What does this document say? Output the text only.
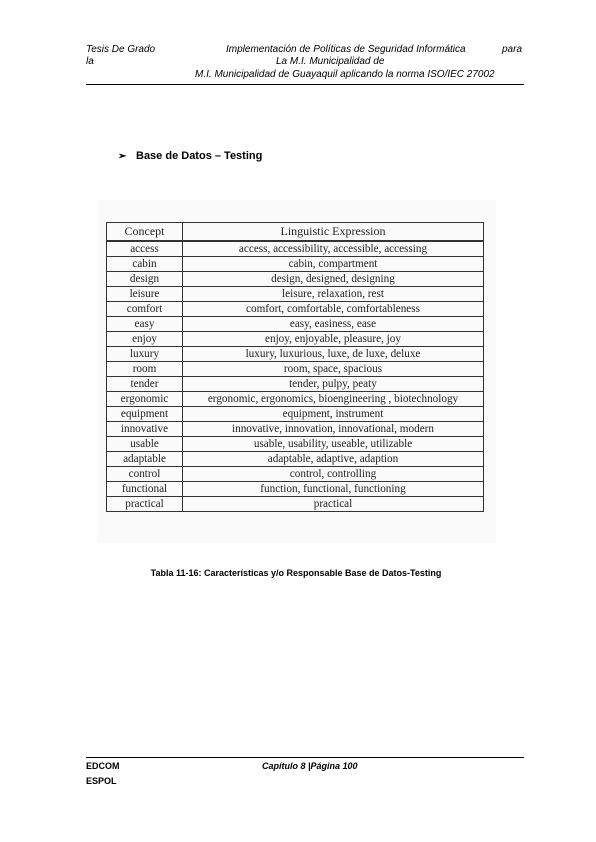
Tesis De Grado
la
Implementación de Políticas de Seguridad Informática	para
La M.I. Municipalidad de
M.I. Municipalidad de Guayaquil aplicando la norma ISO/IEC 27002
➢ Base de Datos – Testing
Concept	Linguistic Expression
access	access, accessibility, accessible, accessing
cabin	cabin, compartment
design	design, designed, designing
leisure	leisure, relaxation, rest
comfort	comfort, comfortable, comfortableness
easy	easy, easiness, ease
enjoy	enjoy, enjoyable, pleasure, joy
luxury	luxury, luxurious, luxe, de luxe, deluxe
room	room, space, spacious
tender	tender, pulpy, peaty
ergonomic	ergonomic, ergonomics, bioengineering , biotechnology
equipment	equipment, instrument
innovative	innovative, innovation, innovational, modern
usable	usable, usability, useable, utilizable
adaptable	adaptable, adaptive, adaption
control	control, controlling
functional	function, functional, functioning
practical	practical
Tabla 11-16: Características y/o Responsable Base de Datos-Testing
EDCOM
ESPOL
Capítulo 8 |Página 100
